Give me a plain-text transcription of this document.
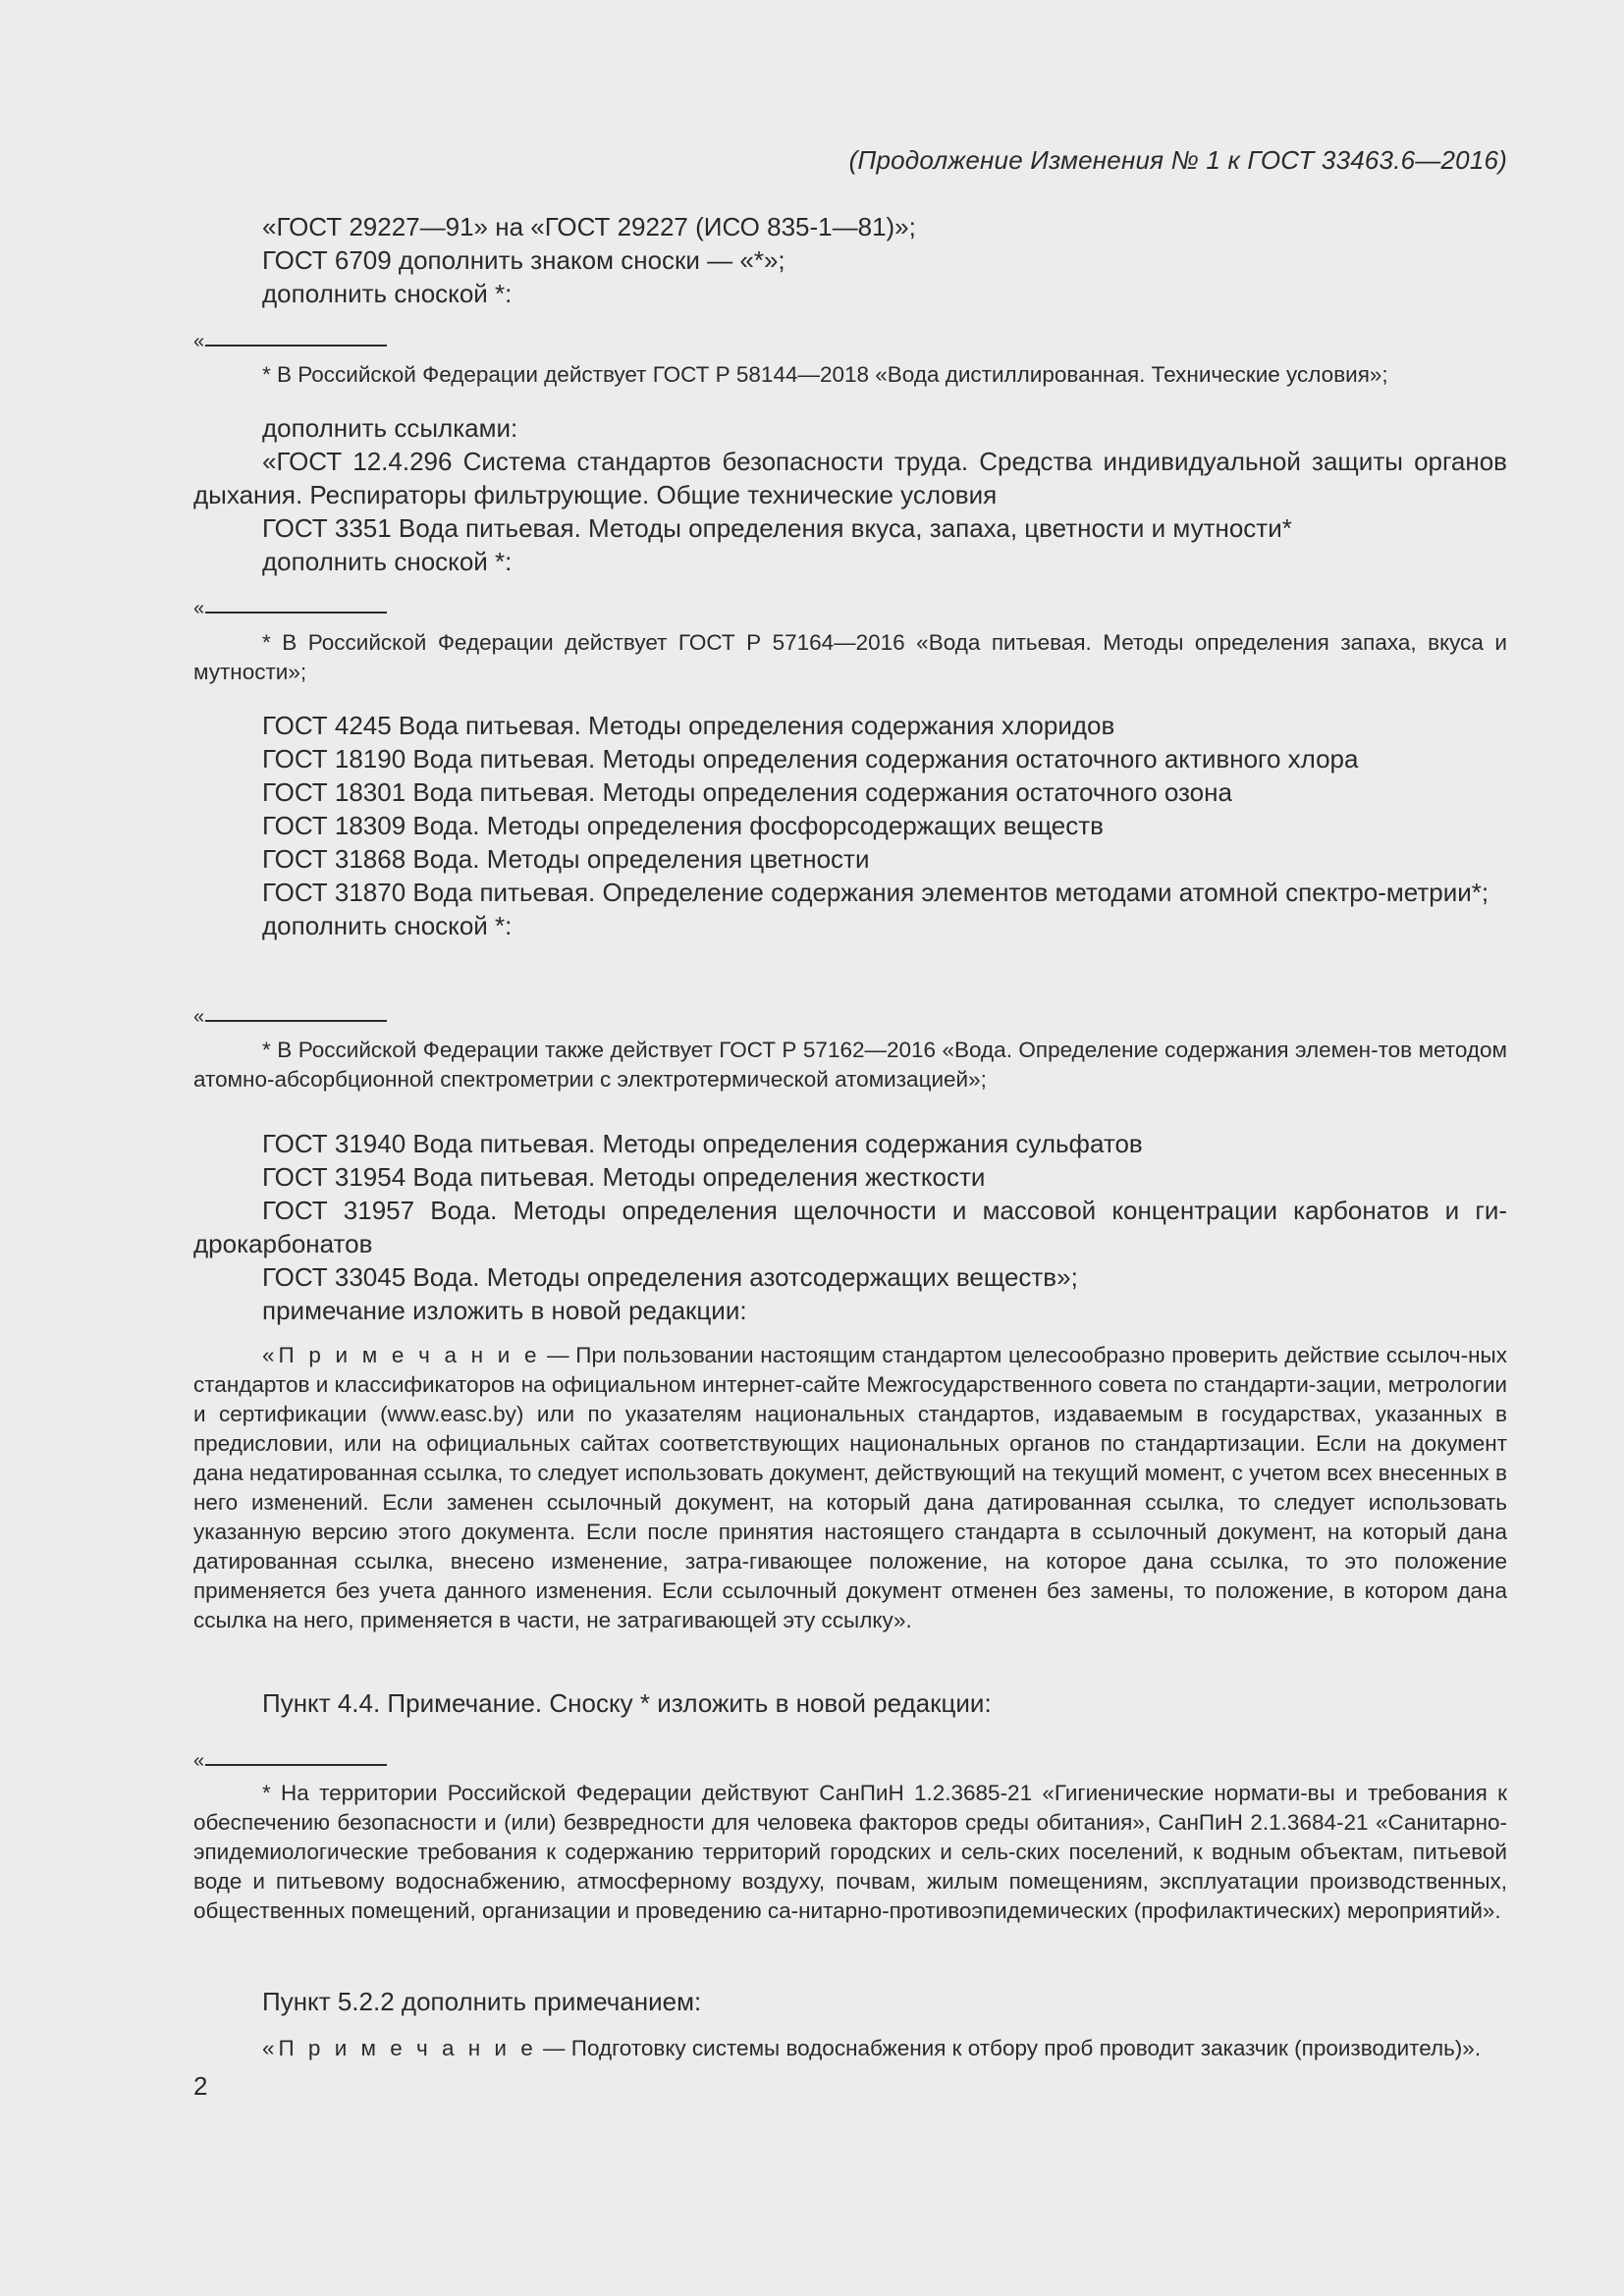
(Продолжение Изменения № 1 к ГОСТ 33463.6—2016)

«ГОСТ 29227—91» на «ГОСТ 29227 (ИСО 835-1—81)»;

ГОСТ 6709 дополнить знаком сноски — «*»;

дополнить сноской *:

«

* В Российской Федерации действует ГОСТ Р 58144—2018 «Вода дистиллированная. Технические условия»;

дополнить ссылками:

«ГОСТ 12.4.296 Система стандартов безопасности труда. Средства индивидуальной защиты органов дыхания. Респираторы фильтрующие. Общие технические условия

ГОСТ 3351 Вода питьевая. Методы определения вкуса, запаха, цветности и мутности*

дополнить сноской *:

«

* В Российской Федерации действует ГОСТ Р 57164—2016 «Вода питьевая. Методы определения запаха, вкуса и мутности»;

ГОСТ 4245 Вода питьевая. Методы определения содержания хлоридов

ГОСТ 18190 Вода питьевая. Методы определения содержания остаточного активного хлора

ГОСТ 18301 Вода питьевая. Методы определения содержания остаточного озона

ГОСТ 18309 Вода. Методы определения фосфорсодержащих веществ

ГОСТ 31868 Вода. Методы определения цветности

ГОСТ 31870 Вода питьевая. Определение содержания элементов методами атомной спектро-метрии*;

дополнить сноской *:

«

* В Российской Федерации также действует ГОСТ Р 57162—2016 «Вода. Определение содержания элемен-тов методом атомно-абсорбционной спектрометрии с электротермической атомизацией»;

ГОСТ 31940 Вода питьевая. Методы определения содержания сульфатов

ГОСТ 31954 Вода питьевая. Методы определения жесткости

ГОСТ 31957 Вода. Методы определения щелочности и массовой концентрации карбонатов и ги-дрокарбонатов

ГОСТ 33045 Вода. Методы определения азотсодержащих веществ»;

примечание изложить в новой редакции:

«П р и м е ч а н и е — При пользовании настоящим стандартом целесообразно проверить действие ссылоч-ных стандартов и классификаторов на официальном интернет-сайте Межгосударственного совета по стандарти-зации, метрологии и сертификации (www.easc.by) или по указателям национальных стандартов, издаваемым в государствах, указанных в предисловии, или на официальных сайтах соответствующих национальных органов по стандартизации. Если на документ дана недатированная ссылка, то следует использовать документ, действующий на текущий момент, с учетом всех внесенных в него изменений. Если заменен ссылочный документ, на который дана датированная ссылка, то следует использовать указанную версию этого документа. Если после принятия настоящего стандарта в ссылочный документ, на который дана датированная ссылка, внесено изменение, затра-гивающее положение, на которое дана ссылка, то это положение применяется без учета данного изменения. Если ссылочный документ отменен без замены, то положение, в котором дана ссылка на него, применяется в части, не затрагивающей эту ссылку».

Пункт 4.4. Примечание. Сноску * изложить в новой редакции:

«

* На территории Российской Федерации действуют СанПиН 1.2.3685-21 «Гигиенические нормати-вы и требования к обеспечению безопасности и (или) безвредности для человека факторов среды обитания», СанПиН 2.1.3684-21 «Санитарно-эпидемиологические требования к содержанию территорий городских и сель-ских поселений, к водным объектам, питьевой воде и питьевому водоснабжению, атмосферному воздуху, почвам, жилым помещениям, эксплуатации производственных, общественных помещений, организации и проведению са-нитарно-противоэпидемических (профилактических) мероприятий».

Пункт 5.2.2 дополнить примечанием:

«П р и м е ч а н и е — Подготовку системы водоснабжения к отбору проб проводит заказчик (производитель)».

2
